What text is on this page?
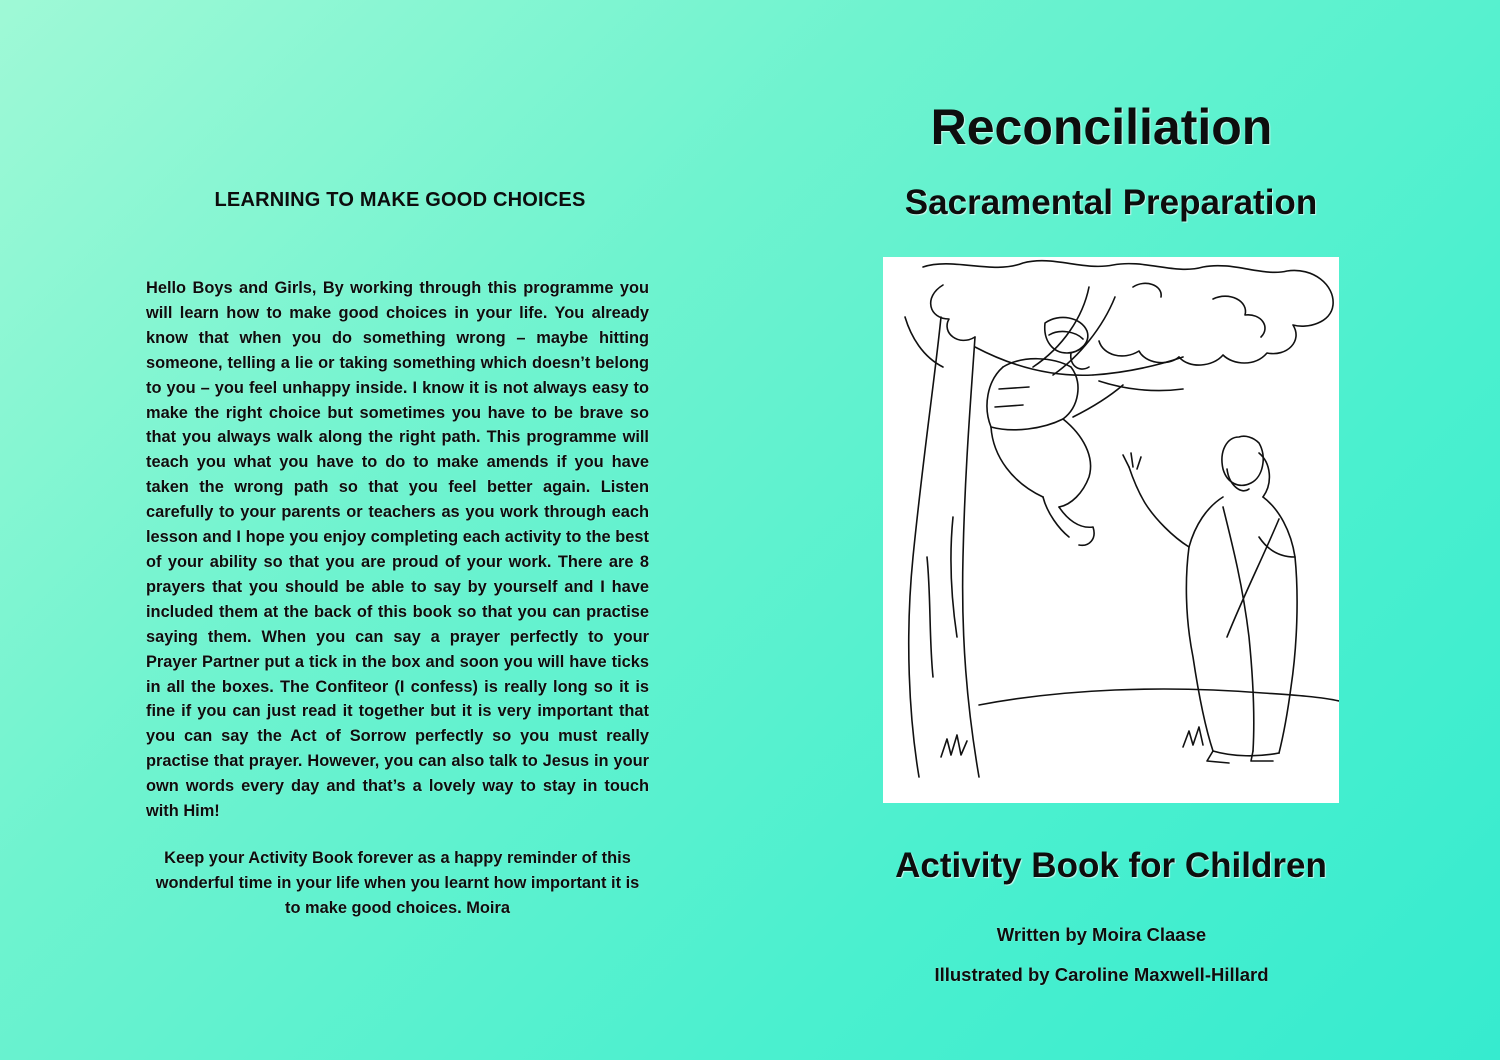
LEARNING TO MAKE GOOD CHOICES

Hello Boys and Girls, By working through this programme you will learn how to make good choices in your life. You already know that when you do something wrong – maybe hitting someone, telling a lie or taking something which doesn’t belong to you – you feel unhappy inside. I know it is not always easy to make the right choice but sometimes you have to be brave so that you always walk along the right path. This programme will teach you what you have to do to make amends if you have taken the wrong path so that you feel better again. Listen carefully to your parents or teachers as you work through each lesson and I hope you enjoy completing each activity to the best of your ability so that you are proud of your work. There are 8 prayers that you should be able to say by yourself and I have included them at the back of this book so that you can practise saying them. When you can say a prayer perfectly to your Prayer Partner put a tick in the box and soon you will have ticks in all the boxes. The Confiteor (I confess) is really long so it is fine if you can just read it together but it is very important that you can say the Act of Sorrow perfectly so you must really practise that prayer. However, you can also talk to Jesus in your own words every day and that’s a lovely way to stay in touch with Him!

Keep your Activity Book forever as a happy reminder of this wonderful time in your life when you learnt how important it is to make good choices. Moira

Reconciliation
Sacramental Preparation
Activity Book for Children

Written by Moira Claase

Illustrated by Caroline Maxwell-Hillard
